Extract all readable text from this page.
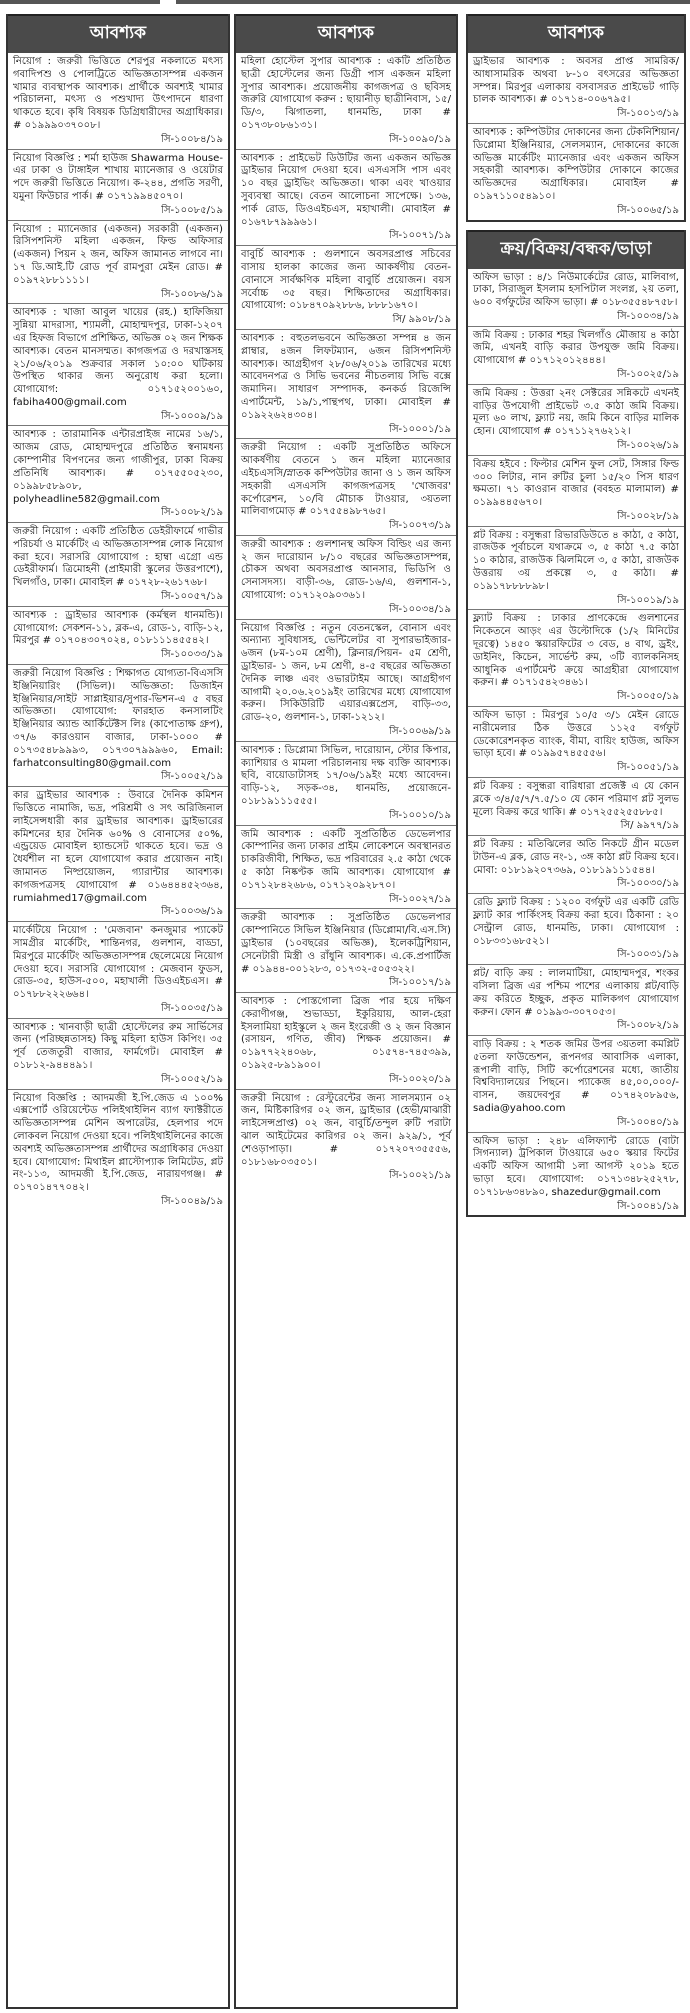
আবশ্যক
নিয়োগ : জরুরী ভিত্তিতে শেরপুর নকলাতে মৎস্য গবাদিপশু ও পোলট্রিতে অভিজ্ঞতাসম্পন্ন একজন খামার ব্যবস্থাপক আবশ্যক। প্রার্থীকে অবশ্যই খামার পরিচালনা, মৎস্য ও পশুখাদ্য উৎপাদনে ধারণা থাকতে হবে। কৃষি বিষয়ক ডিগ্রিধারীদের অগ্রাধিকার। # ০১৯৯৯০৩৭০০৮।
সি-১০০৮৪/১৯
নিয়োগ বিজ্ঞপ্তি : শর্মা হাউজ Shawarma House-এর ঢাকা ও টাঙ্গাইল শাখায় ম্যানেজার ও ওয়েটার পদে জরুরী ভিত্তিতে নিয়োগ। ক-২৪৪, প্রগতি সরণী, যমুনা ফিউচার পার্ক। # ০১৭১৯৯৪৫০৭০।
সি-১০০৮৫/১৯
নিয়োগ : ম্যানেজার (একজন) সরকারী (একজন) রিসিপশনিস্ট মহিলা একজন, ফিল্ড অফিসার (একজন) পিয়ন ২ জন, অফিস জামানত লাগবে না। ১৭ ডি.আই.টি রোড পূর্ব রামপুরা মেইন রোড। # ০১৯৭২৮৮১১১১।
সি-১০০৮৬/১৯
আবশ্যক : খাজা আবুল খায়ের (রহ.) হাফিজিয়া সুন্নিয়া মাদরাসা, শ্যামলী, মোহাম্মদপুর, ঢাকা-১২০৭ এর হিফজ বিভাগে প্রশিক্ষিত, অভিজ্ঞ ০২ জন শিক্ষক আবশ্যক। বেতন মানসম্মত। কাগজপত্র ও দরখাস্তসহ ২১/০৬/২০১৯ শুক্রবার সকাল ১০:০০ ঘটিকায় উপস্থিত থাকার জন্য অনুরোধ করা হলো। যোগাযোগ: ০১৭১৫২০০১৬০, fabiha400@gmail.com
সি-১০০০৯/১৯
আবশ্যক : তারামানিক এন্টারপ্রাইজ নামের ১৬/১, আজম রোড, মোহাম্মদপুরে প্রতিষ্ঠিত স্বনামধন্য কোম্পানীর বিপণনের জন্য গাজীপুর, ঢাকা বিক্রয় প্রতিনিধি আবশ্যক। # ০১৭৫৫০৫২৩০, ০১৯৯৮৫৮৯০৮, polyheadline582@gmail.com
সি-১০০৮২/১৯
জরুরী নিয়োগ : একটি প্রতিষ্ঠিত ডেইরীফার্মে গাভীর পরিচর্যা ও মার্কেটিং এ অভিজ্ঞতাসম্পন্ন লোক নিয়োগ করা হবে। সরাসরি যোগাযোগ : হাম্বা এগ্রো এন্ড ডেইরীফার্ম। ত্রিমোহনী (প্রাইমারী স্কুলের উত্তরপাশে), খিলগাঁও, ঢাকা। মোবাইল # ০১৭২৮-২৬১৭৬৮।
সি-১০০৫৭/১৯
আবশ্যক : ড্রাইভার আবশ্যক (কর্মস্থল ধানমন্ডি)। যোগাযোগ: সেকশন-১১, ব্লক-এ, রোড-১, বাড়ি-১২, মিরপুর # ০১৭০৪৩০৭০২৪, ০১৮১১১৪৫৫৪২।
সি-১০০৩৩/১৯
জরুরী নিয়োগ বিজ্ঞপ্তি : শিক্ষাগত যোগ্যতা-বিএসসি ইঞ্জিনিয়ারিং (সিভিল)। অভিজ্ঞতা: ডিজাইন ইঞ্জিনিয়ার/সাইট সাপ্লাইয়ার/সুপার-ভিশন-এ ৫ বছর অভিজ্ঞতা। যোগাযোগ: ফারহাত কনসালটিং ইঞ্জিনিয়ার অ্যান্ড আর্কিটেক্টস লিঃ (কাপোতাক্ষ গ্রুপ), ৩৭/৬ কারওয়ান বাজার, ঢাকা-১০০০ # ০১৭৩৫৪৮৯৯৯৩, ০১৭৩০৭৯৯৯৬০, Email: farhatconsulting80@gmail.com
সি-১০০৫২/১৯
কার ড্রাইভার আবশ্যক : উবারে দৈনিক কমিশন ভিত্তিতে নামাজি, ভদ্র, পরিশ্রমী ও সৎ অরিজিনাল লাইসেন্সধারী কার ড্রাইভার আবশ্যক। ড্রাইভারের কমিশনের হার দৈনিক ৬০% ও বোনাসের ৫০%, এন্ড্রয়েড মোবাইল হ্যান্ডসেট থাকতে হবে। ভদ্র ও ধৈর্যশীল না হলে যোগাযোগ করার প্রয়োজন নাই। জামানত নিষ্প্রয়োজন, গ্যারান্টার আবশ্যক। কাগজপত্রসহ যোগাযোগ # ০১৬৪৪৪৫২৩৬৪, rumiahmed17@gmail.com
সি-১০০৩৬/১৯
মার্কেটিয়ে নিয়োগ : 'মেজবান' কনজুমার প্যাকেট সামগ্রীর মার্কেটিং, শান্তিনগর, গুলশান, বাড্ডা, মিরপুরে মার্কেটিং অভিজ্ঞতাসম্পন্ন ছেলেমেয়ে নিয়োগ দেওয়া হবে। সরাসরি যোগাযোগ : মেজবান ফুডস, রোড-৩৫, হাউস-৫০০, মহাখালী ডিওএইচএস। # ০১৭৮৮২২২৬৬৪।
সি-১০০৩৫/১৯
আবশ্যক : খানবাড়ী ছাত্রী হোস্টেলের রুম সার্ভিসের জন্য (পরিচ্ছন্নতাসহ) কিছু মহিলা হাউস কিপিং। ৩৫ পূর্ব তেজতুরী বাজার, ফার্মগেট। মোবাইল # ০১৮১২-৯৪৪৪৯১।
সি-১০০৫২/১৯
নিয়োগ বিজ্ঞপ্তি : আদমজী ই.পি.জেড এ ১০০% এক্সপোর্ট ওরিয়েন্টেড পলিইথাইলিন ব্যাগ ফ্যাক্টরীতে অভিজ্ঞতাসম্পন্ন মেশিন অপারেটর, হেলপার পদে লোকবল নিয়োগ দেওয়া হবে। পলিইথাইলিনের কাজে অবশ্যই অভিজ্ঞতাসম্পন্ন প্রার্থীদের অগ্রাধিকার দেওয়া হবে। যোগাযোগ: মিথাইল প্লাস্টোপ্যাক লিমিটেড, প্লট নং-১১৩, আদমজী ই.পি.জেড, নারায়ণগঞ্জ। # ০১৭০১৪৭৭০৪২।
সি-১০০৪৯/১৯
আবশ্যক
মহিলা হোস্টেল সুপার আবশ্যক : একটি প্রতিষ্ঠিত ছাত্রী হোস্টেলের জন্য ডিগ্রী পাস একজন মহিলা সুপার আবশ্যক। প্রয়োজনীয় কাগজপত্র ও ছবিসহ জরুরি যোগাযোগ করুন : ছায়ানীড় ছাত্রীনিবাস, ১৫/ডি/৩, ঝিগাতলা, ধানমন্ডি, ঢাকা # ০১৭৩৮০৮৬১৩১।
সি-১০০৯০/১৯
আবশ্যক : প্রাইভেট ডিউটির জন্য একজন অভিজ্ঞ ড্রাইভার নিয়োগ দেওয়া হবে। এসএসসি পাস এবং ১০ বছর ড্রাইভিং অভিজ্ঞতা। থাকা এবং খাওয়ার সুব্যবস্থা আছে। বেতন আলোচনা সাপেক্ষে। ১৩৬, পার্ক রোড, ডিওএইচএস, মহাখালী। মোবাইল # ০১৬৭৮৭৯৯৯৬১।
সি-১০০৭১/১৯
বাবুর্চি আবশ্যক : গুলশানে অবসরপ্রাপ্ত সচিবের বাসায় হালকা কাজের জন্য আকর্ষণীয় বেতন-বোনাসে সার্বক্ষণিক মহিলা বাবুর্চি প্রয়োজন। বয়স সর্বোচ্চ ৩৫ বছর। শিক্ষিতাদের অগ্রাধিকার। যোগাযোগ: ০১৮৪৭০৯২৮৮৬, ৮৮৮১৬৭০।
সি/ ৯৯০৮/১৯
আবশ্যক : বহুতলভবনে অভিজ্ঞতা সম্পন্ন ৪ জন প্লাম্বার, ৪জন লিফটম্যান, ৬জন রিসিপশনিস্ট আবশ্যক। আগ্রহীগণ ২৮/০৬/২০১৯ তারিখের মধ্যে আবেদনপত্র ও সিভি ভবনের নীচতলায় সিভি বক্সে জমাদিন। সাধারণ সম্পাদক, কনকর্ড রিজেন্সি এপার্টমেন্ট, ১৯/১,পান্থপথ, ঢাকা। মোবাইল # ০১৯২২৬২৪৩০৪।
সি-১০০০১/১৯
জরুরী নিয়োগ : একটি সুপ্রতিষ্ঠিত অফিসে আকর্ষণীয় বেতনে ১ জন মহিলা ম্যানেজার এইচএসসি/স্নাতক কম্পিউটার জানা ও ১ জন অফিস সহকারী এসএসসি কাগজপত্রসহ 'খোজবর' কর্পোরেশন, ১০/বি মৌচাক টাওয়ার, ৩য়তলা মালিবাগমোড় # ০১৭৫৫৪৯৮৭৬৫।
সি-১০০৭৩/১৯
জরুরী আবশ্যক : গুলশানস্থ অফিস বিল্ডিং এর জন্য ২ জন দারোয়ান ৮/১০ বছরের অভিজ্ঞতাসম্পন্ন, চৌকস অথবা অবসরপ্রাপ্ত আনসার, ভিডিপি ও সেনাসদস্য। বাড়ী-৩৬, রোড-১৬/এ, গুলশান-১, যোগাযোগ: ০১৭১২০৯০৩৬১।
সি-১০০৩৪/১৯
নিয়োগ বিজ্ঞপ্তি : নতুন বেতনস্কেল, বোনাস এবং অন্যান্য সুবিধাসহ, ভেন্টিলেটর বা সুপারভাইজার- ৬জন (৮ম-১০ম শ্রেণী), ক্লিনার/পিয়ন- ৫ম শ্রেণী, ড্রাইভার- ১ জন, ৮ম শ্রেণী, ৪-৫ বছরের অভিজ্ঞতা দৈনিক লাঞ্চ এবং ওভারটাইম আছে। আগ্রহীগণ আগামী ২০.০৬.২০১৯ইং তারিখের মধ্যে যোগাযোগ করুন। সিকিউরিটি এয়ারএক্সপ্রেস, বাড়ি-৩৩, রোড-২০, গুলশান-১, ঢাকা-১২১২।
সি-১০০৬৯/১৯
আবশ্যক : ডিপ্লোমা সিভিল, দারোয়ান, স্টোর কিপার, ক্যাশিয়ার ও মামলা পরিচালনায় দক্ষ ব্যক্তি আবশ্যক। ছবি, বায়োডাটাসহ ১৭/০৬/১৯ইং মধ্যে আবেদন। বাড়ি-১২, সড়ক-৩৪, ধানমন্ডি, প্রয়োজনে- ০১৮১৯১১১৫৫৫।
সি-১০০১০/১৯
জমি আবশ্যক : একটি সুপ্রতিষ্ঠিত ডেভেলপার কোম্পানির জন্য ঢাকার প্রাইম লোকেশনে অবস্থানরত চাকরিজীবী, শিক্ষিত, ভদ্র পরিবারের ২.৫ কাঠা থেকে ৫ কাঠা নিষ্কণ্টক জমি আবশ্যক। যোগাযোগ # ০১৭১২৮৪২৬৮৬, ০১৭১২০৯২৮৭০।
সি-১০০২৭/১৯
জরুরী আবশ্যক : সুপ্রতিষ্ঠিত ডেভেলপার কোম্পানিতে সিভিল ইঞ্জিনিয়ার (ডিপ্লোমা/বি.এস.সি) ড্রাইভার (১০বছরের অভিজ্ঞ), ইলেকট্রিশিয়ান, সেনেটারী মিস্ত্রী ও রাঁধুনি আবশ্যক। এ.কে.প্রপার্টিজ # ০১৯৪৪-০০১২৮৩, ০১৭৩২-৫০৫৩২২।
সি-১০০১৭/১৯
আবশ্যক : পোস্তগোলা ব্রিজ পার হয়ে দক্ষিণ কেরাণীগঞ্জ, শুভাড্ডা, ইকুরিয়ায়, আল-হেরা ইসলামিয়া হাইস্কুলে ২ জন ইংরেজী ও ২ জন বিজ্ঞান (রসায়ন, গণিত, জীব) শিক্ষক প্রয়োজন। # ০১৯৭৭২২৪০৬৮, ০১৫৭৪-৭৪৫৩৯৯, ০১৯২৫-৮৯১৯০০।
সি-১০০২০/১৯
জরুরী নিয়োগ : রেস্টুরেন্টের জন্য সালসম্যান ০২ জন, মিষ্টিকারিগর ০২ জন, ড্রাইভার (হেভী/মাঝারী লাইসেন্সপ্রাপ্ত) ০২ জন, বাবুর্চি/তন্দুল রুটি পরাটা ঝাল আইটেমের কারিগর ০২ জন। ৯২৯/১, পূর্ব শেওড়াপাড়া। # ০১৭২০৭৩৫৫৫৬, ০১৮১৬৮০৩৫০১।
সি-১০০২১/১৯
আবশ্যক
ড্রাইভার আবশ্যক : অবসর প্রাপ্ত সামরিক/আধাসামরিক অথবা ৮-১০ বৎসরের অভিজ্ঞতা সম্পন্ন। মিরপুর এলাকায় বসবাসরত প্রাইভেট গাড়ি চালক আবশ্যক। # ০১৭১৪-০০৬৭৯৫।
সি-১০০১৩/১৯
আবশ্যক : কম্পিউটার দোকানের জন্য টেকনিশিয়ান/ডিপ্লোমা ইঞ্জিনিয়ার, সেলসম্যান, দোকানের কাজে অভিজ্ঞ মার্কেটিং ম্যানেজার এবং একজন অফিস সহকারী আবশ্যক। কম্পিউটার দোকানে কাজের অভিজ্ঞদের অগ্রাধিকার। মোবাইল # ০১৯৭১১০৫৪৯১০।
সি-১০০৬৫/১৯
ক্রয়/বিক্রয়/বন্ধক/ভাড়া
অফিস ভাড়া : ৪/১ নিউমার্কেটের রোড, মালিবাগ, ঢাকা, সিরাজুল ইসলাম হসপিটাল সংলগ্ন, ২য় তলা, ৬০০ বর্গফুটের অফিস ভাড়া। # ০১৮৩৫৫৪৮৭৫৮।
সি-১০০৩৪/১৯
জমি বিক্রয় : ঢাকার শহর খিলগাঁও মৌজায় ৪ কাঠা জমি, এখনই বাড়ি করার উপযুক্ত জমি বিক্রয়। যোগাযোগ # ০১৭১২০১২৪৪৪।
সি-১০০২৫/১৯
জমি বিক্রয় : উত্তরা ২নং সেক্টরের সন্নিকটে এখনই বাড়ির উপযোগী প্রাইভেট ৩.৫ কাঠা জমি বিক্রয়। মূল্য ৬০ লাখ, ফ্ল্যাট নয়, জমি কিনে বাড়ির মালিক হোন। যোগাযোগ # ০১৭১১২৭৬২১২।
সি-১০০২৬/১৯
বিক্রয় হইবে : ফিল্টার মেশিন ফুল সেট, সিঙ্গার ফিল্ড ৩০০ লিটার, নান রুটির চুলা ১৫/২০ পিস ধারণ ক্ষমতা। ৭১ কাওরান বাজার (ববহত মালামাল) # ০১৯৯৪৪৫৬৭০।
সি-১০০২৮/১৯
প্লট বিক্রয় : বসুন্ধরা রিভারডিউতে ৪ কাঠা, ৫ কাঠা, রাজউক পূর্বাচলে যথাক্রমে ৩, ৫ কাঠা ৭.৫ কাঠা ১০ কাঠার, রাজউক ঝিলমিলে ৩, ৫ কাঠা, রাজউক উত্তরায় ৩য় প্রকল্পে ৩, ৫ কাঠা। # ০১৯১৭৮৮৮৮৯৮।
সি-১০০১৯/১৯
ফ্ল্যাট বিক্রয় : ঢাকার প্রাণকেন্দ্রে গুলশানের নিকেতনে আড়ং এর উল্টোদিকে (১/২ মিনিটের দূরত্বে) ১৪৫০ স্কয়ারফিটের ৩ বেড, ৪ বাথ, ড্রইং, ডাইনিং, কিচেন, সার্ভেন্ট রুম, ৩টি ব্যালকনিসহ আধুনিক এপার্টমেন্ট ক্রয়ে আগ্রহীরা যোগাযোগ করুন। # ০১৭১৫৪২৩৪৬১।
সি-১০০৫০/১৯
অফিস ভাড়া : মিরপুর ১০/৫ ৩/১ মেইন রোডে নারীমেলার ঠিক উত্তরে ১১২৫ বর্গফুট ডেকোরেশনকৃত ব্যাংক, বীমা, বায়িং হাউজ, অফিস ভাড়া হবে। # ০১৯৯৫৭৪৫৫৫৬।
সি-১০০৫১/১৯
প্লট বিক্রয় : বসুন্ধরা বারিধারা প্রজেক্ট এ যে কোন ব্লকে ৩/৪/৫/৭/৭.৫/১০ যে কোন পরিমাণ প্লট সুলভ মূল্যে বিক্রয় করে থাকি। # ০১৭২৫৫২৫৫৮৮৫।
সি/ ৯৯৭৭/১৯
প্লট বিক্রয় : মতিঝিলের অতি নিকটে গ্রীন মডেল টাউন-এ ব্লক, রোড নং-১, ৩ঙ্গ কাঠা প্লট বিক্রয় হবে। মোবা: ০১৮১৯২০৭৩৬৯, ০১৮১৯১১১৫৪৪।
সি-১০০৩০/১৯
রেডি ফ্ল্যাট বিক্রয় : ১২০০ বর্গফুট এর একটি রেডি ফ্ল্যাট কার পার্কিংসহ বিক্রয় করা হবে। ঠিকানা : ২০ সেন্ট্রাল রোড, ধানমন্ডি, ঢাকা। যোগাযোগ : ০১৮৩৩১৬৮৫২১।
সি-১০০৩১/১৯
প্লট/ বাড়ি ক্রয় : লালমাটিয়া, মোহাম্মদপুর, শংকর বসিলা ব্রিজ এর পশ্চিম পাশের এলাকায় প্লট/বাড়ি ক্রয় করিতে ইচ্ছুক, প্রকৃত মালিকগণ যোগাযোগ করুন। ফোন # ০১৯৯৩-৩০৭০৫৩।
সি-১০০৮২/১৯
বাড়ি বিক্রয় : ২ শতক জমির উপর ৩য়তলা কমপ্লিট ৫তলা ফাউন্ডেশন, রূপনগর আবাসিক এলাকা, রূপালী বাড়ি, সিটি কর্পোরেশনের মধ্যে, জাতীয় বিশ্ববিদ্যালয়ের পিছনে। প্যাকেজ ৪৫,০০,০০০/- বাসন, জয়দেবপুর # ০১৭৪২০৮৯৫৬, sadia@yahoo.com
সি-১০০৪০/১৯
অফিস ভাড়া : ২৪৮ এলিফ্যান্ট রোডে (বাটা সিগন্যাল) ট্রপিকাল টাওয়ারে ৬৫০ স্কয়ার ফিটের একটি অফিস আগামী ১লা আগস্ট ২০১৯ হতে ভাড়া হবে। যোগাযোগ: ০১৭১৩৪৮২৫২৭৮, ০১৭১৮৬৩৪৮৯০, shazedur@gmail.com
সি-১০০৪১/১৯
